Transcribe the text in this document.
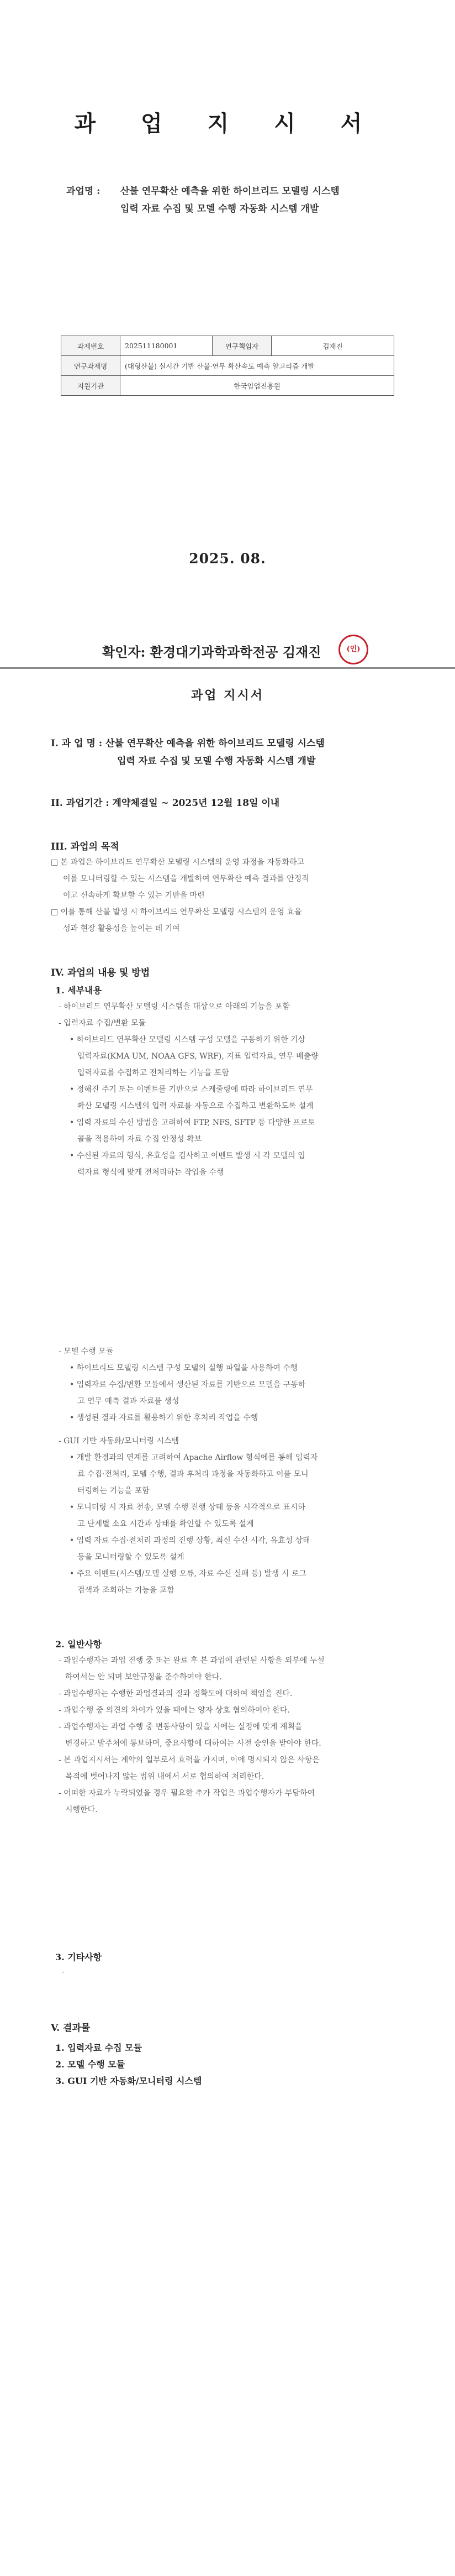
과 업 지 시 서
과업명 : 산불 연무확산 예측을 위한 하이브리드 모델링 시스템
입력 자료 수집 및 모델 수행 자동화 시스템 개발
과제번호	202511180001	연구책임자	김재진
연구과제명	(대형산불) 실시간 기반 산불·연무 확산속도 예측 알고리즘 개발		
지원기관	한국임업진흥원		
2025. 08.
확인자: 환경대기과학과학전공 김재진	(인)
과업 지시서
I. 과 업 명 : 산불 연무확산 예측을 위한 하이브리드 모델링 시스템
입력 자료 수집 및 모델 수행 자동화 시스템 개발
II. 과업기간 : 계약체결일 ~ 2025년 12월 18일 이내
III. 과업의 목적
□ 본 과업은 하이브리드 연무확산 모델링 시스템의 운영 과정을 자동화하고
이를 모니터링할 수 있는 시스템을 개발하여 연무확산 예측 결과를 안정적
이고 신속하게 확보할 수 있는 기반을 마련
□ 이를 통해 산불 발생 시 하이브리드 연무확산 모델링 시스템의 운영 효율
성과 현장 활용성을 높이는 데 기여
IV. 과업의 내용 및 방법
1. 세부내용
- 하이브리드 연무확산 모델링 시스템을 대상으로 아래의 기능을 포함
- 입력자료 수집/변환 모듈
• 하이브리드 연무확산 모델링 시스템 구성 모델을 구동하기 위한 기상
입력자료(KMA UM, NOAA GFS, WRF), 지표 입력자료, 연무 배출량
입력자료를 수집하고 전처리하는 기능을 포함
• 정해진 주기 또는 이벤트를 기반으로 스케줄링에 따라 하이브리드 연무
확산 모델링 시스템의 입력 자료를 자동으로 수집하고 변환하도록 설계
• 입력 자료의 수신 방법을 고려하여 FTP, NFS, SFTP 등 다양한 프로토
콜을 적용하여 자료 수집 안정성 확보
• 수신된 자료의 형식, 유효성을 검사하고 이벤트 발생 시 각 모델의 입
력자료 형식에 맞게 전처리하는 작업을 수행
- 모델 수행 모듈
• 하이브리드 모델링 시스템 구성 모델의 실행 파일을 사용하여 수행
• 입력자료 수집/변환 모듈에서 생산된 자료를 기반으로 모델을 구동하
고 연무 예측 결과 자료를 생성
• 생성된 결과 자료를 활용하기 위한 후처리 작업을 수행
- GUI 기반 자동화/모니터링 시스템
• 개발 환경과의 연계를 고려하여 Apache Airflow 형식에를 통해 입력자
료 수집·전처리, 모델 수행, 결과 후처리 과정을 자동화하고 이를 모니
터링하는 기능을 포함
• 모니터링 시 자료 전송, 모델 수행 진행 상태 등을 시각적으로 표시하
고 단계별 소요 시간과 상태를 확인할 수 있도록 설계
• 입력 자료 수집·전처리 과정의 진행 상황, 최신 수신 시각, 유효성 상태
등을 모니터링할 수 있도록 설계
• 주요 이벤트(시스템/모델 실행 오류, 자료 수신 실패 등) 발생 시 로그
검색과 조회하는 기능을 포함
2. 일반사항
- 과업수행자는 과업 진행 중 또는 완료 후 본 과업에 관련된 사항을 외부에 누설
하여서는 안 되며 보안규정을 준수하여야 한다.
- 과업수행자는 수행한 과업결과의 질과 정확도에 대하여 책임을 진다.
- 과업수행 중 의견의 차이가 있을 때에는 양자 상호 협의하여야 한다.
- 과업수행자는 과업 수행 중 변동사항이 있을 시에는 실정에 맞게 계획을
변경하고 발주처에 통보하며, 중요사항에 대하여는 사전 승인을 받아야 한다.
- 본 과업지시서는 계약의 일부로서 효력을 가지며, 이에 명시되지 않은 사항은
목적에 벗어나지 않는 범위 내에서 서로 협의하여 처리한다.
- 어떠한 자료가 누락되었을 경우 필요한 추가 작업은 과업수행자가 부담하여
시행한다.
3. 기타사항
-
V. 결과물
1. 입력자료 수집 모듈
2. 모델 수행 모듈
3. GUI 기반 자동화/모니터링 시스템
